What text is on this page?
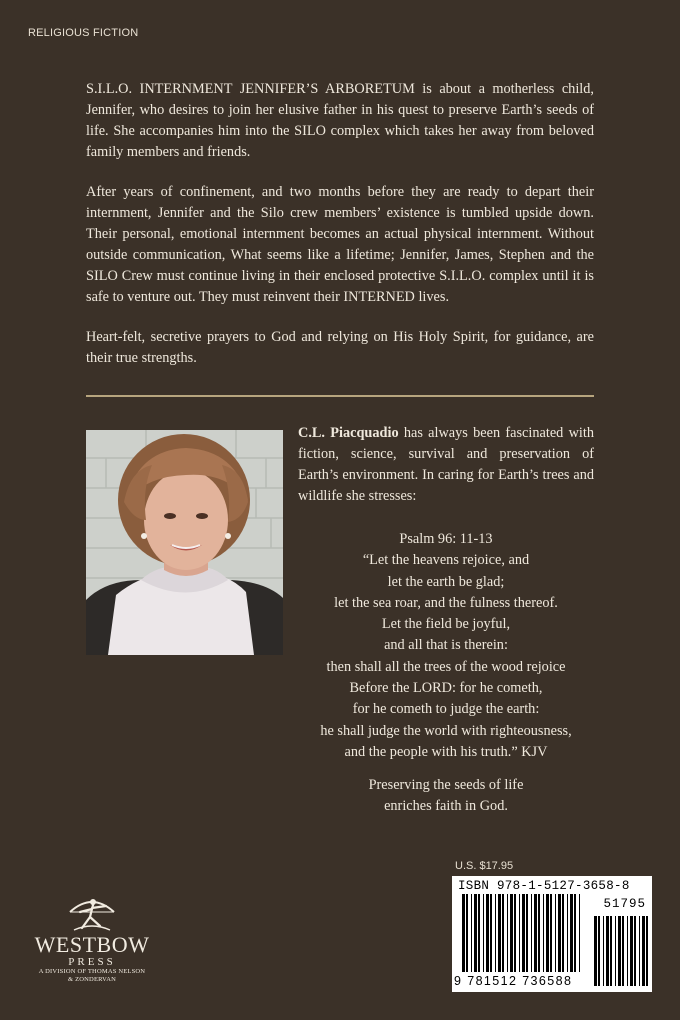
RELIGIOUS FICTION

S.I.L.O. INTERNMENT JENNIFER’S ARBORETUM is about a motherless child, Jennifer, who desires to join her elusive father in his quest to preserve Earth’s seeds of life. She accompanies him into the SILO complex which takes her away from beloved family members and friends.

After years of confinement, and two months before they are ready to depart their internment, Jennifer and the Silo crew members’ existence is tumbled upside down. Their personal, emotional internment becomes an actual physical internment. Without outside communication, What seems like a lifetime; Jennifer, James, Stephen and the SILO Crew must continue living in their enclosed protective S.I.L.O. complex until it is safe to venture out. They must reinvent their INTERNED lives.

Heart-felt, secretive prayers to God and relying on His Holy Spirit, for guidance, are their true strengths.

C.L. Piacquadio has always been fascinated with fiction, science, survival and preservation of Earth’s environment. In caring for Earth’s trees and wildlife she stresses:

Psalm 96: 11-13
“Let the heavens rejoice, and
let the earth be glad;
let the sea roar, and the fulness thereof.
Let the field be joyful,
and all that is therein:
then shall all the trees of the wood rejoice
Before the LORD: for he cometh,
for he cometh to judge the earth:
he shall judge the world with righteousness,
and the people with his truth.” KJV
Preserving the seeds of life
enriches faith in God.
U.S. $17.95
ISBN 978-1-5127-3658-8
51795
9 781512 736588
WESTBOW
PRESS
A DIVISION OF THOMAS NELSON
& ZONDERVAN
